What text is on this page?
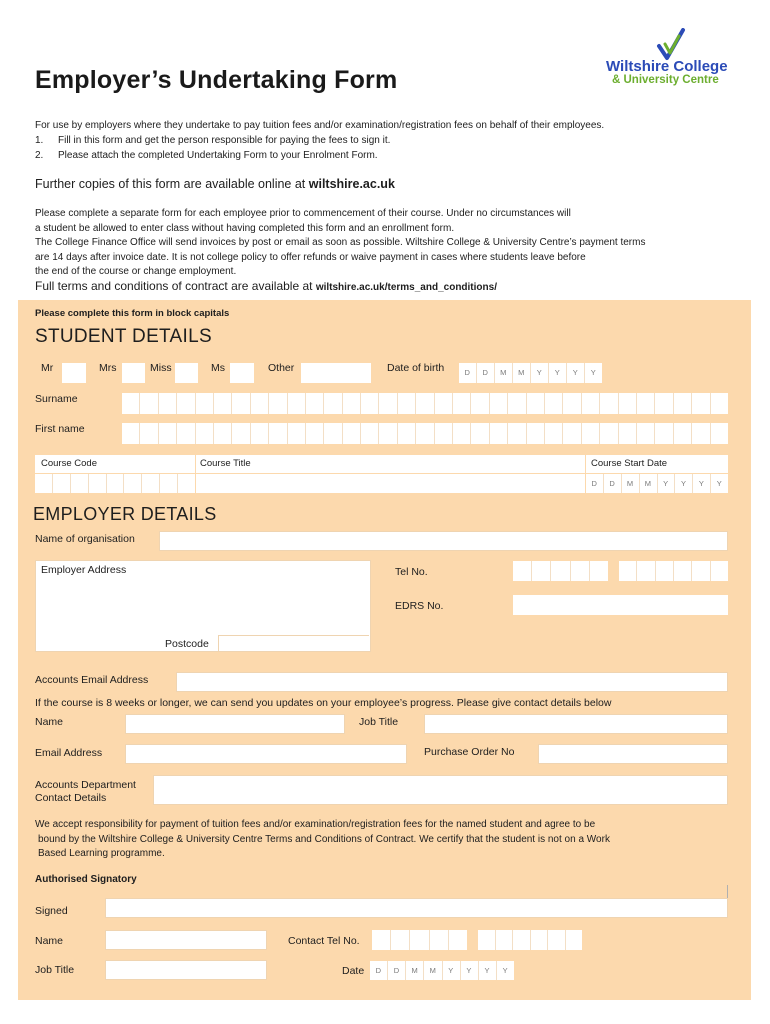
Employer’s Undertaking Form	Wiltshire College
& University Centre
For use by employers where they undertake to pay tuition fees and/or examination/registration fees on behalf of their employees.
1. Fill in this form and get the person responsible for paying the fees to sign it.
2. Please attach the completed Undertaking Form to your Enrolment Form.
Further copies of this form are available online at wiltshire.ac.uk
Please complete a separate form for each employee prior to commencement of their course. Under no circumstances will
a student be allowed to enter class without having completed this form and an enrollment form.
The College Finance Office will send invoices by post or email as soon as possible. Wiltshire College & University Centre’s payment terms
are 14 days after invoice date. It is not college policy to offer refunds or waive payment in cases where students leave before
the end of the course or change employment.
Full terms and conditions of contract are available at wiltshire.ac.uk/terms_and_conditions/
Please complete this form in block capitals
STUDENT DETAILS
Mr	Mrs	Miss	Ms	Other	Date of birth	D	D	M	M	Y	Y	Y	Y
Surname
First name
Course Code	Course Title	Course Start Date
D	D	M	M	Y	Y	Y	Y
EMPLOYER DETAILS
Name of organisation
Employer Address
Postcode
Tel No.
EDRS No.
Accounts Email Address
If the course is 8 weeks or longer, we can send you updates on your employee’s progress. Please give contact details below
Name	Job Title
Email Address	Purchase Order No
Accounts Department
Contact Details
We accept responsibility for payment of tuition fees and/or examination/registration fees for the named student and agree to be
bound by the Wiltshire College & University Centre Terms and Conditions of Contract. We certify that the student is not on a Work
Based Learning programme.
Authorised Signatory
Signed
Name	Contact Tel No.
Job Title	Date	D	D	M	M	Y	Y	Y	Y
